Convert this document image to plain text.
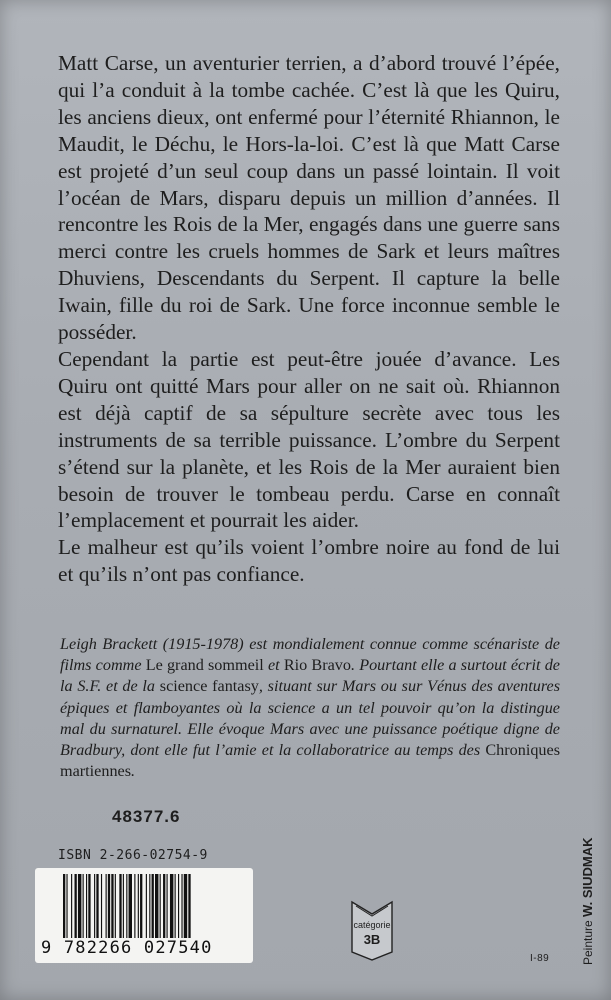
Matt Carse, un aventurier terrien, a d’abord trouvé l’épée, qui l’a conduit à la tombe cachée. C’est là que les Quiru, les anciens dieux, ont enfermé pour l’éternité Rhiannon, le Maudit, le Déchu, le Hors-la-loi. C’est là que Matt Carse est projeté d’un seul coup dans un passé lointain. Il voit l’océan de Mars, disparu depuis un million d’années. Il rencontre les Rois de la Mer, engagés dans une guerre sans merci contre les cruels hommes de Sark et leurs maîtres Dhuviens, Descendants du Serpent. Il capture la belle Iwain, fille du roi de Sark. Une force inconnue semble le posséder.

Cependant la partie est peut-être jouée d’avance. Les Quiru ont quitté Mars pour aller on ne sait où. Rhiannon est déjà captif de sa sépulture secrète avec tous les instruments de sa terrible puissance. L’ombre du Serpent s’étend sur la planète, et les Rois de la Mer auraient bien besoin de trouver le tombeau perdu. Carse en connaît l’emplacement et pourrait les aider.

Le malheur est qu’ils voient l’ombre noire au fond de lui et qu’ils n’ont pas confiance.

Leigh Brackett (1915-1978) est mondialement connue comme scénariste de films comme Le grand sommeil et Rio Bravo. Pourtant elle a surtout écrit de la S.F. et de la science fantasy, situant sur Mars ou sur Vénus des aventures épiques et flamboyantes où la science a un tel pouvoir qu’on la distingue mal du surnaturel. Elle évoque Mars avec une puissance poétique digne de Bradbury, dont elle fut l’amie et la collaboratrice au temps des Chroniques martiennes.

48377.6
ISBN 2-266-02754-9
9 782266 027540
catégorie
3B	Peinture W. SIUDMAK
I-89
